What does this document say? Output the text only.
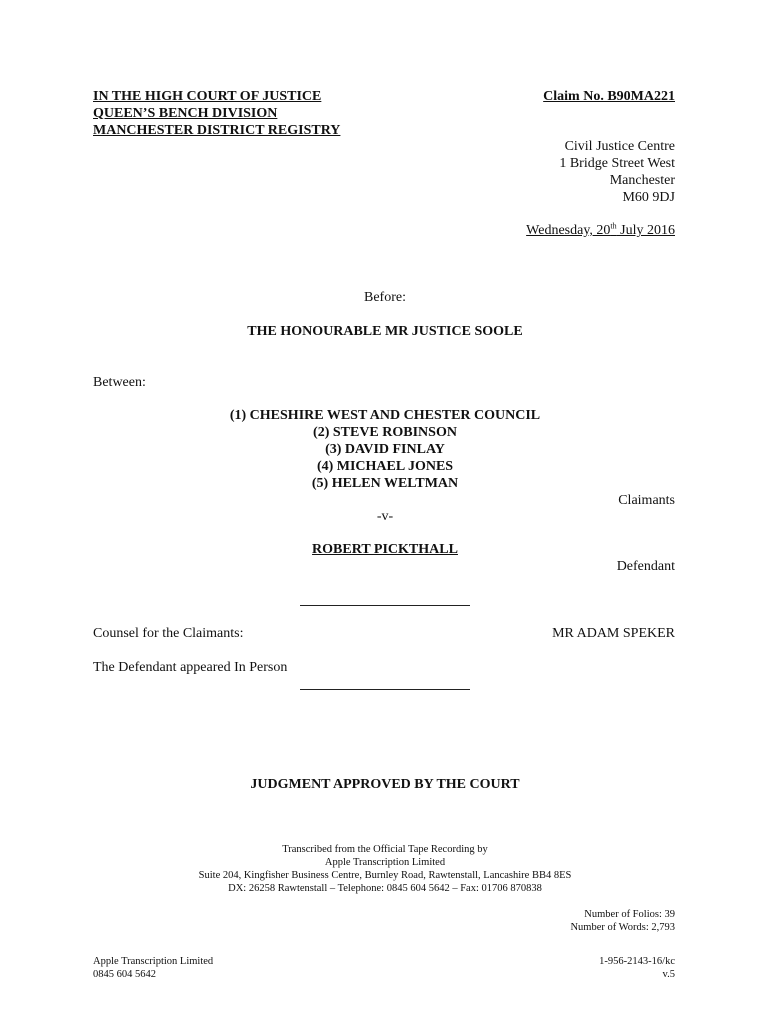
IN THE HIGH COURT OF JUSTICE
QUEEN’S BENCH DIVISION
MANCHESTER DISTRICT REGISTRY
Claim No. B90MA221
Civil Justice Centre
1 Bridge Street West
Manchester
M60 9DJ
Wednesday, 20th July 2016
Before:
THE HONOURABLE MR JUSTICE SOOLE
Between:
(1) CHESHIRE WEST AND CHESTER COUNCIL
(2) STEVE ROBINSON
(3) DAVID FINLAY
(4) MICHAEL JONES
(5) HELEN WELTMAN
Claimants
-v-
ROBERT PICKTHALL
Defendant
Counsel for the Claimants:	MR ADAM SPEKER
The Defendant appeared In Person
JUDGMENT APPROVED BY THE COURT
Transcribed from the Official Tape Recording by
Apple Transcription Limited
Suite 204, Kingfisher Business Centre, Burnley Road, Rawtenstall, Lancashire BB4 8ES
DX: 26258 Rawtenstall – Telephone: 0845 604 5642 – Fax: 01706 870838
Number of Folios: 39
Number of Words: 2,793
Apple Transcription Limited
0845 604 5642
1-956-2143-16/kc
v.5
